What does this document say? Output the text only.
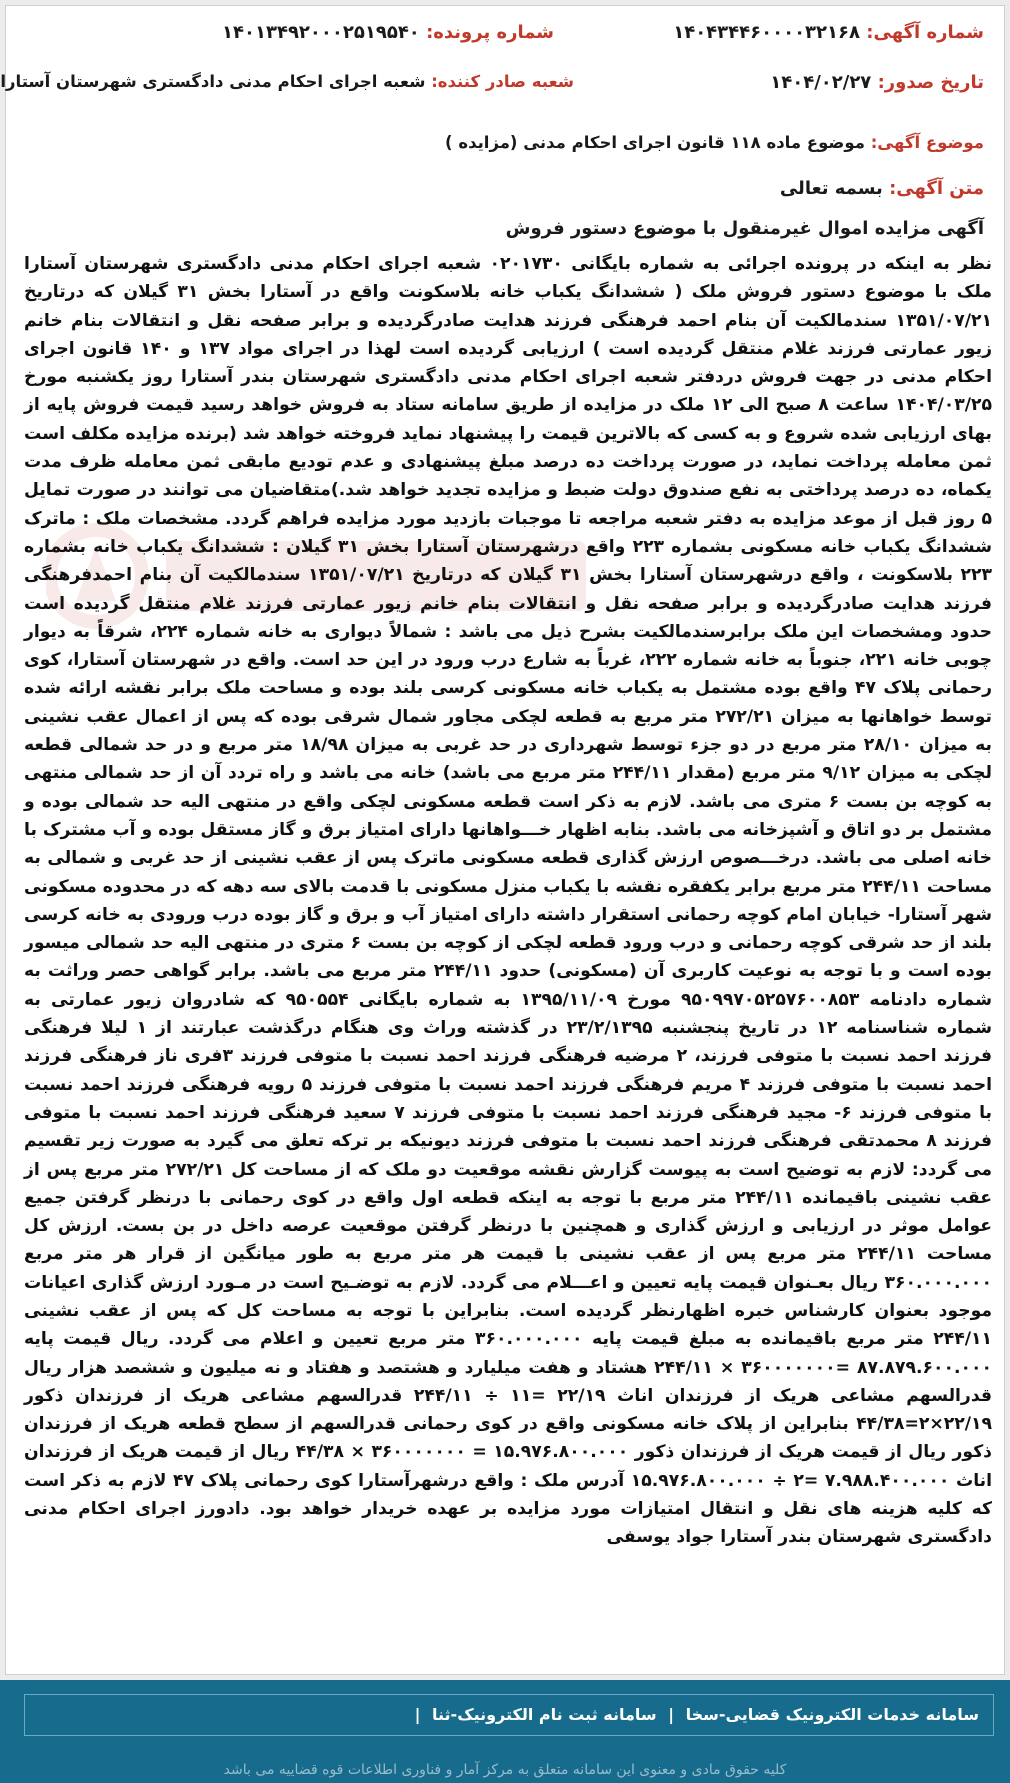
شماره آگهی: ۱۴۰۴۳۴۴۶۰۰۰۰۳۲۱۶۸
شماره پرونده: ۱۴۰۱۳۴۹۲۰۰۰۲۵۱۹۵۴۰
تاریخ صدور: ۱۴۰۴/۰۲/۲۷
شعبه صادر کننده: شعبه اجرای احکام مدنی دادگستری شهرستان آستارا
موضوع آگهی: موضوع ماده ۱۱۸ قانون اجرای احکام مدنی (مزایده )
متن آگهی: بسمه تعالی
آگهی مزایده اموال غیرمنقول با موضوع دستور فروش
نظر به اینکه در پرونده اجرائی به شماره بایگانی ۰۲۰۱۷۳۰ شعبه اجرای احکام مدنی دادگستری شهرستان آستارا ملک با موضوع دستور فروش ملک ( ششدانگ یکباب خانه بلاسکونت واقع در آستارا بخش ۳۱ گیلان که درتاریخ ۱۳۵۱/۰۷/۲۱ سندمالکیت آن بنام احمد فرهنگی فرزند هدایت صادرگردیده و برابر صفحه نقل و انتقالات بنام خانم زیور عمارتی فرزند غلام منتقل گردیده است ) ارزیابی گردیده است لهذا در اجرای مواد ۱۳۷ و ۱۴۰ قانون اجرای احکام مدنی در جهت فروش دردفتر شعبه اجرای احکام مدنی دادگستری شهرستان بندر آستارا روز یکشنبه مورخ ۱۴۰۴/۰۳/۲۵ ساعت ۸ صبح الی ۱۲ ملک در مزایده از طریق سامانه ستاد به فروش خواهد رسید قیمت فروش پایه از بهای ارزیابی شده شروع و به کسی که بالاترین قیمت را پیشنهاد نماید فروخته خواهد شد (برنده مزایده مکلف است ثمن معامله پرداخت نماید، در صورت پرداخت ده درصد مبلغ پیشنهادی و عدم تودیع مابقی ثمن معامله ظرف مدت یکماه، ده درصد پرداختی به نفع صندوق دولت ضبط و مزایده تجدید خواهد شد.)متقاضیان می توانند در صورت تمایل ۵ روز قبل از موعد مزایده به دفتر شعبه مراجعه تا موجبات بازدید مورد مزایده فراهم گردد. مشخصات ملک : ماترک ششدانگ یکباب خانه مسکونی بشماره ۲۲۳ واقع درشهرستان آستارا بخش ۳۱ گیلان : ششدانگ یکباب خانه بشماره ۲۲۳ بلاسکونت ، واقع درشهرستان آستارا بخش ۳۱ گیلان که درتاریخ ۱۳۵۱/۰۷/۲۱ سندمالکیت آن بنام احمدفرهنگی فرزند هدایت صادرگردیده و برابر صفحه نقل و انتقالات بنام خانم زیور عمارتی فرزند غلام منتقل گردیده است حدود ومشخصات این ملک برابرسندمالکیت بشرح ذیل می باشد : شمالاً دیواری به خانه شماره ۲۲۴، شرقاً به دیوار چوبی خانه ۲۲۱، جنوباً به خانه شماره ۲۲۲، غرباً به شارع درب ورود در این حد است. واقع در شهرستان آستارا، کوی رحمانی پلاک ۴۷ واقع بوده مشتمل به یکباب خانه مسکونی کرسی بلند بوده و مساحت ملک برابر نقشه ارائه شده توسط خواهانها به میزان ۲۷۲/۲۱ متر مربع به قطعه لچکی مجاور شمال شرقی بوده که پس از اعمال عقب نشینی به میزان ۲۸/۱۰ متر مربع در دو جزء توسط شهرداری در حد غربی به میزان ۱۸/۹۸ متر مربع و در حد شمالی قطعه لچکی به میزان ۹/۱۲ متر مربع (مقدار ۲۴۴/۱۱ متر مربع می باشد) خانه می باشد و راه تردد آن از حد شمالی منتهی به کوچه بن بست ۶ متری می باشد. لازم به ذکر است قطعه مسکونی لچکی واقع در منتهی الیه حد شمالی بوده و مشتمل بر دو اتاق و آشپزخانه می باشد. بنابه اظهار خـــواهانها دارای امتیاز برق و گاز مستقل بوده و آب مشترک با خانه اصلی می باشد. درخـــصوص ارزش گذاری قطعه مسکونی ماترک پس از عقب نشینی از حد غربی و شمالی به مساحت ۲۴۴/۱۱ متر مربع برابر یکفقره نقشه با یکباب منزل مسکونی با قدمت بالای سه دهه که در محدوده مسکونی شهر آستارا- خیابان امام کوچه رحمانی استقرار داشته دارای امتیاز آب و برق و گاز بوده درب ورودی به خانه کرسی بلند از حد شرقی کوچه رحمانی و درب ورود قطعه لچکی از کوچه بن بست ۶ متری در منتهی الیه حد شمالی میسور بوده است و با توجه به نوعیت کاربری آن (مسکونی) حدود ۲۴۴/۱۱ متر مربع می باشد. برابر گواهی حصر وراثت به شماره دادنامه ۹۵۰۹۹۷۰۵۲۵۷۶۰۰۸۵۳ مورخ ۱۳۹۵/۱۱/۰۹ به شماره بایگانی ۹۵۰۵۵۴ که شادروان زیور عمارتی به شماره شناسنامه ۱۲ در تاریخ پنجشنبه ۲۳/۲/۱۳۹۵ در گذشته وراث وی هنگام درگذشت عبارتند از ۱ لیلا فرهنگی فرزند احمد نسبت با متوفی فرزند، ۲ مرضیه فرهنگی فرزند احمد نسبت با متوفی فرزند ۳فری ناز فرهنگی فرزند احمد نسبت با متوفی فرزند ۴ مریم فرهنگی فرزند احمد نسبت با متوفی فرزند ۵ رویه فرهنگی فرزند احمد نسبت با متوفی فرزند ۶- مجید فرهنگی فرزند احمد نسبت با متوفی فرزند ۷ سعید فرهنگی فرزند احمد نسبت با متوفی فرزند ۸ محمدتقی فرهنگی فرزند احمد نسبت با متوفی فرزند دیونیکه بر ترکه تعلق می گیرد به صورت زیر تقسیم می گردد: لازم به توضیح است به پیوست گزارش نقشه موقعیت دو ملک که از مساحت کل ۲۷۲/۲۱ متر مربع پس از عقب نشینی باقیمانده ۲۴۴/۱۱ متر مربع با توجه به اینکه قطعه اول واقع در کوی رحمانی با درنظر گرفتن جمیع عوامل موثر در ارزیابی و ارزش گذاری و همچنین با درنظر گرفتن موقعیت عرصه داخل در بن بست. ارزش کل مساحت ۲۴۴/۱۱ متر مربع پس از عقب نشینی با قیمت هر متر مربع به طور میانگین از قرار هر متر مربع ۳۶۰.۰۰۰.۰۰۰ ریال بعـنوان قیمت پایه تعیین و اعـــلام می گردد. لازم به توضـیح است در مـورد ارزش گذاری اعیانات موجود بعنوان کارشناس خبره اظهارنظر گردیده است. بنابراین با توجه به مساحت کل که پس از عقب نشینی ۲۴۴/۱۱ متر مربع باقیمانده به مبلغ قیمت پایه ۳۶۰.۰۰۰.۰۰۰ متر مربع تعیین و اعلام می گردد. ریال قیمت پایه ۸۷.۸۷۹.۶۰۰.۰۰۰ =۳۶۰۰۰۰۰۰۰ × ۲۴۴/۱۱ هشتاد و هفت میلیارد و هشتصد و هفتاد و نه میلیون و ششصد هزار ریال قدرالسهم مشاعی هریک از فرزندان اناث ۲۲/۱۹ =۱۱ ÷ ۲۴۴/۱۱ قدرالسهم مشاعی هریک از فرزندان ذکور ۲۲/۱۹×۲=۴۴/۳۸ بنابراین از پلاک خانه مسکونی واقع در کوی رحمانی قدرالسهم از سطح قطعه هریک از فرزندان ذکور ریال از قیمت هریک از فرزندان ذکور ۱۵.۹۷۶.۸۰۰.۰۰۰ = ۳۶۰۰۰۰۰۰۰ × ۴۴/۳۸ ریال از قیمت هریک از فرزندان اناث ۷.۹۸۸.۴۰۰.۰۰۰ =۲ ÷ ۱۵.۹۷۶.۸۰۰.۰۰۰ آدرس ملک : واقع درشهرآستارا کوی رحمانی پلاک ۴۷ لازم به ذکر است که کلیه هزینه های نقل و انتقال امتیازات مورد مزایده بر عهده خریدار خواهد بود. دادورز اجرای احکام مدنی دادگستری شهرستان بندر آستارا جواد یوسفی
سامانه خدمات الکترونیک قضایی-سخا | سامانه ثبت نام الکترونیک-ثنا |
کلیه حقوق مادی و معنوی این سامانه متعلق به مرکز آمار و فناوری اطلاعات قوه قضاییه می باشد
